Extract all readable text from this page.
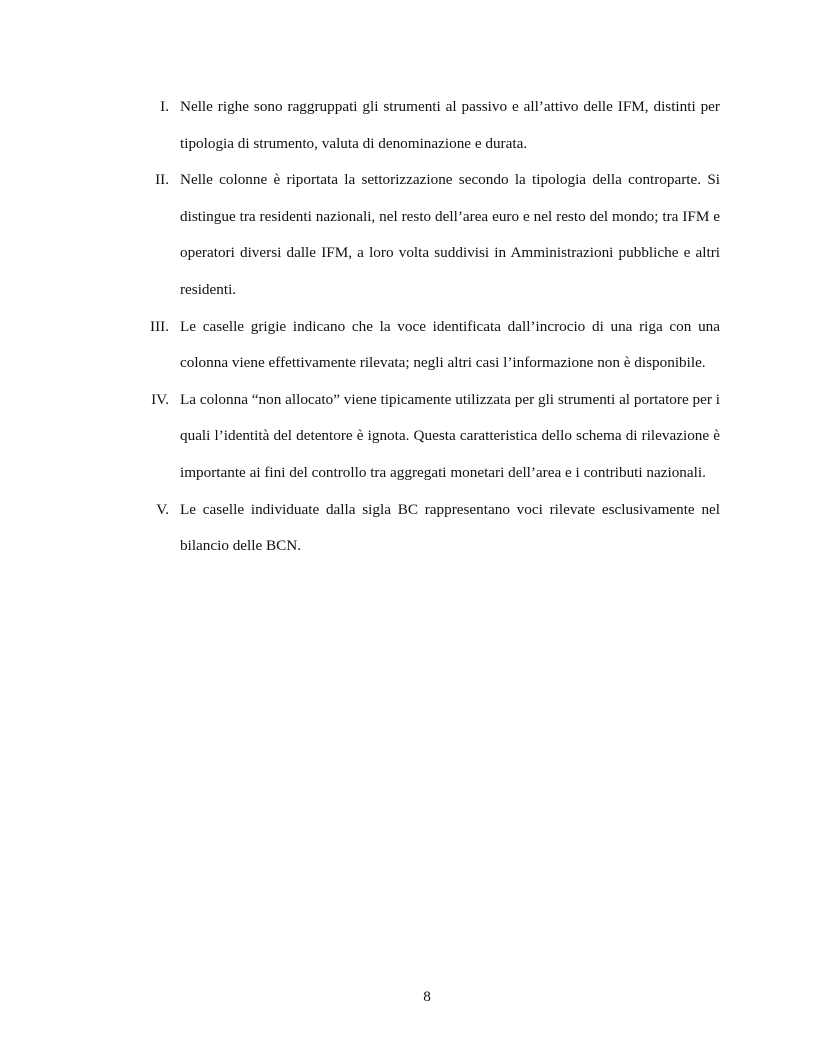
I. Nelle righe sono raggruppati gli strumenti al passivo e all’attivo delle IFM, distinti per tipologia di strumento, valuta di denominazione e durata.
II. Nelle colonne è riportata la settorizzazione secondo la tipologia della controparte. Si distingue tra residenti nazionali, nel resto dell’area euro e nel resto del mondo; tra IFM e operatori diversi dalle IFM, a loro volta suddivisi in Amministrazioni pubbliche e altri residenti.
III. Le caselle grigie indicano che la voce identificata dall’incrocio di una riga con una colonna viene effettivamente rilevata; negli altri casi l’informazione non è disponibile.
IV. La colonna “non allocato” viene tipicamente utilizzata per gli strumenti al portatore per i quali l’identità del detentore è ignota. Questa caratteristica dello schema di rilevazione è importante ai fini del controllo tra aggregati monetari dell’area e i contributi nazionali.
V. Le caselle individuate dalla sigla BC rappresentano voci rilevate esclusivamente nel bilancio delle BCN.
8
